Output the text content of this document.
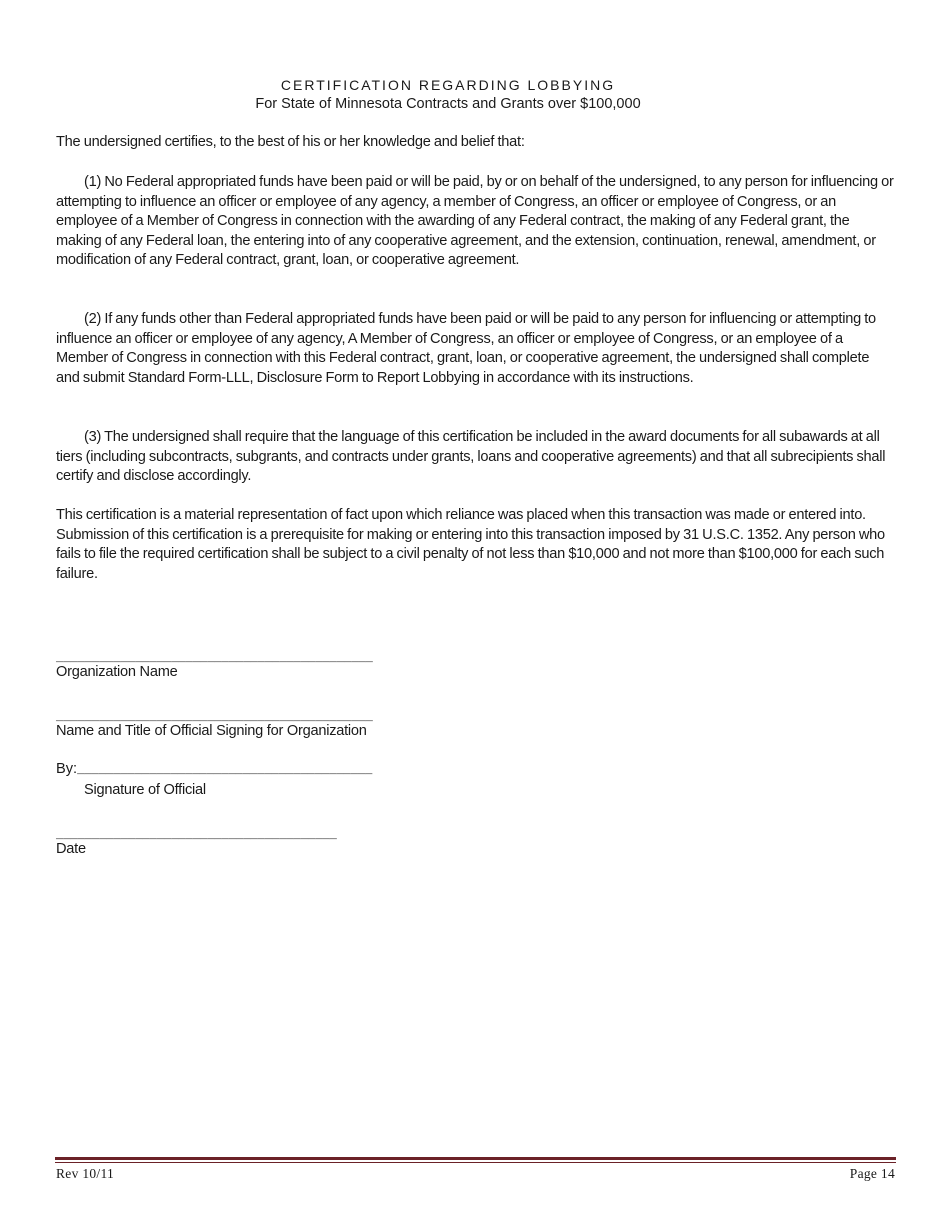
CERTIFICATION REGARDING LOBBYING
For State of Minnesota Contracts and Grants over $100,000
The undersigned certifies, to the best of his or her knowledge and belief that:
(1) No Federal appropriated funds have been paid or will be paid, by or on behalf of the undersigned, to any person for influencing or attempting to influence an officer or employee of any agency, a member of Congress, an officer or employee of Congress, or an employee of a Member of Congress in connection with the awarding of any Federal contract, the making of any Federal grant, the making of any Federal loan, the entering into of any cooperative agreement, and the extension, continuation, renewal, amendment, or modification of any Federal contract, grant, loan, or cooperative agreement.
(2) If any funds other than Federal appropriated funds have been paid or will be paid to any person for influencing or attempting to influence an officer or employee of any agency, A Member of Congress, an officer or employee of Congress, or an employee of a Member of Congress in connection with this Federal contract, grant, loan, or cooperative agreement, the undersigned shall complete and submit Standard Form-LLL, Disclosure Form to Report Lobbying in accordance with its instructions.
(3) The undersigned shall require that the language of this certification be included in the award documents for all subawards at all tiers (including subcontracts, subgrants, and contracts under grants, loans and cooperative agreements) and that all subrecipients shall certify and disclose accordingly.
This certification is a material representation of fact upon which reliance was placed when this transaction was made or entered into. Submission of this certification is a prerequisite for making or entering into this transaction imposed by 31 U.S.C. 1352. Any person who fails to file the required certification shall be subject to a civil penalty of not less than $10,000 and not more than $100,000 for each such failure.
____________________________________________
Organization Name
____________________________________________
Name and Title of Official Signing for Organization
By:_________________________________________
Signature of Official
_______________________________________
Date
Rev 10/11	Page 14
